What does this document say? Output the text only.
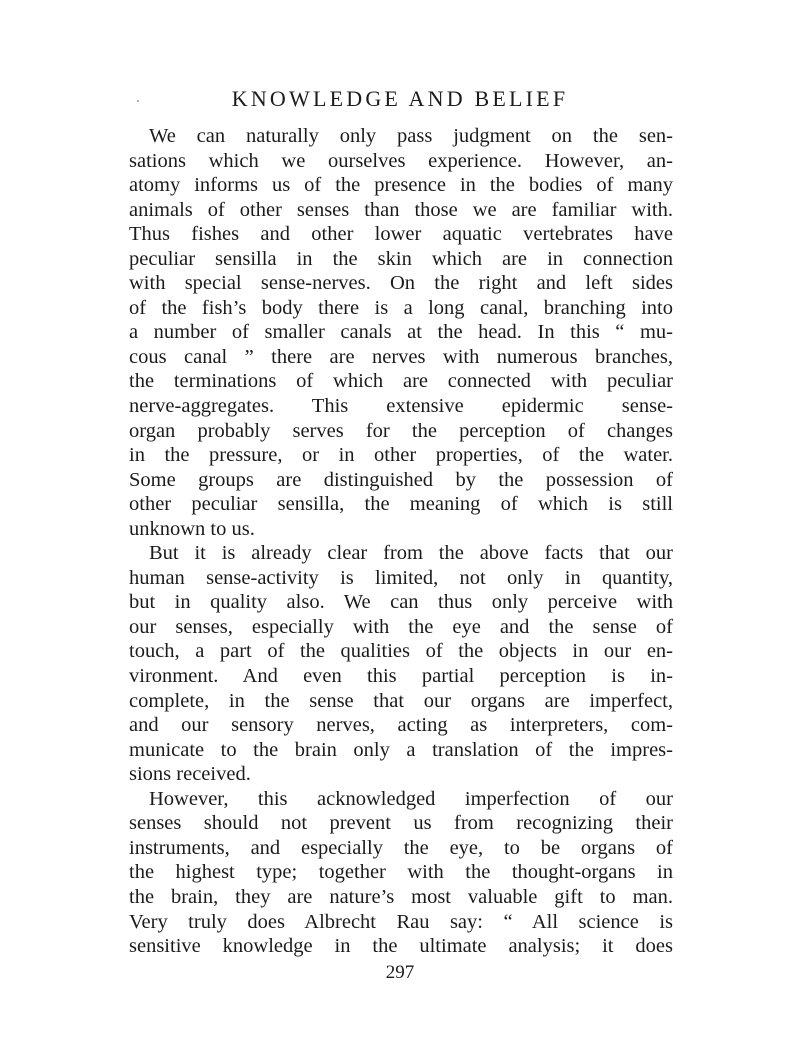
KNOWLEDGE AND BELIEF
We can naturally only pass judgment on the sen-
sations which we ourselves experience. However, an-
atomy informs us of the presence in the bodies of many
animals of other senses than those we are familiar with.
Thus fishes and other lower aquatic vertebrates have
peculiar sensilla in the skin which are in connection
with special sense-nerves. On the right and left sides
of the fish’s body there is a long canal, branching into
a number of smaller canals at the head. In this “ mu-
cous canal ” there are nerves with numerous branches,
the terminations of which are connected with peculiar
nerve-aggregates. This extensive epidermic sense-
organ probably serves for the perception of changes
in the pressure, or in other properties, of the water.
Some groups are distinguished by the possession of
other peculiar sensilla, the meaning of which is still
unknown to us.
But it is already clear from the above facts that our
human sense-activity is limited, not only in quantity,
but in quality also. We can thus only perceive with
our senses, especially with the eye and the sense of
touch, a part of the qualities of the objects in our en-
vironment. And even this partial perception is in-
complete, in the sense that our organs are imperfect,
and our sensory nerves, acting as interpreters, com-
municate to the brain only a translation of the impres-
sions received.
However, this acknowledged imperfection of our
senses should not prevent us from recognizing their
instruments, and especially the eye, to be organs of
the highest type; together with the thought-organs in
the brain, they are nature’s most valuable gift to man.
Very truly does Albrecht Rau say: “ All science is
sensitive knowledge in the ultimate analysis; it does
297
